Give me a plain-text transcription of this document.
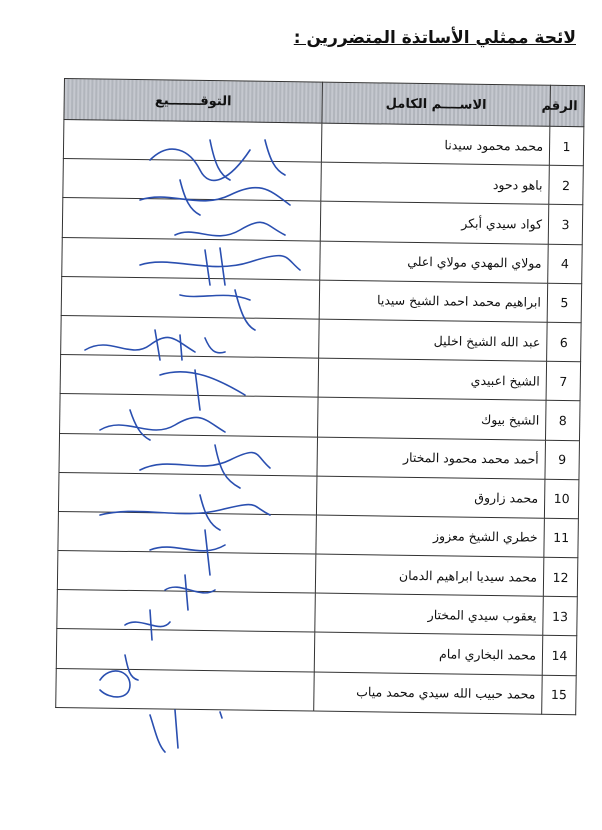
لائحة ممثلي الأساتذة المتضررين :
الرقم	الاســــم الكامل	التوقـــــــيع
1	محمد محمود سيدنا	
2	باهو دحود	
3	كواد سيدي أبكر	
4	مولاي المهدي مولاي اعلي	
5	ابراهيم محمد احمد الشيخ سيديا	
6	عبد الله الشيخ اخليل	
7	الشيخ اعبيدي	
8	الشيخ بيوك	
9	أحمد محمد محمود المختار	
10	محمد زاروق	
11	خطري الشيخ معزوز	
12	محمد سيديا ابراهيم الدمان	
13	يعقوب سيدي المختار	
14	محمد البخاري امام	
15	محمد حبيب الله سيدي محمد مياب	
